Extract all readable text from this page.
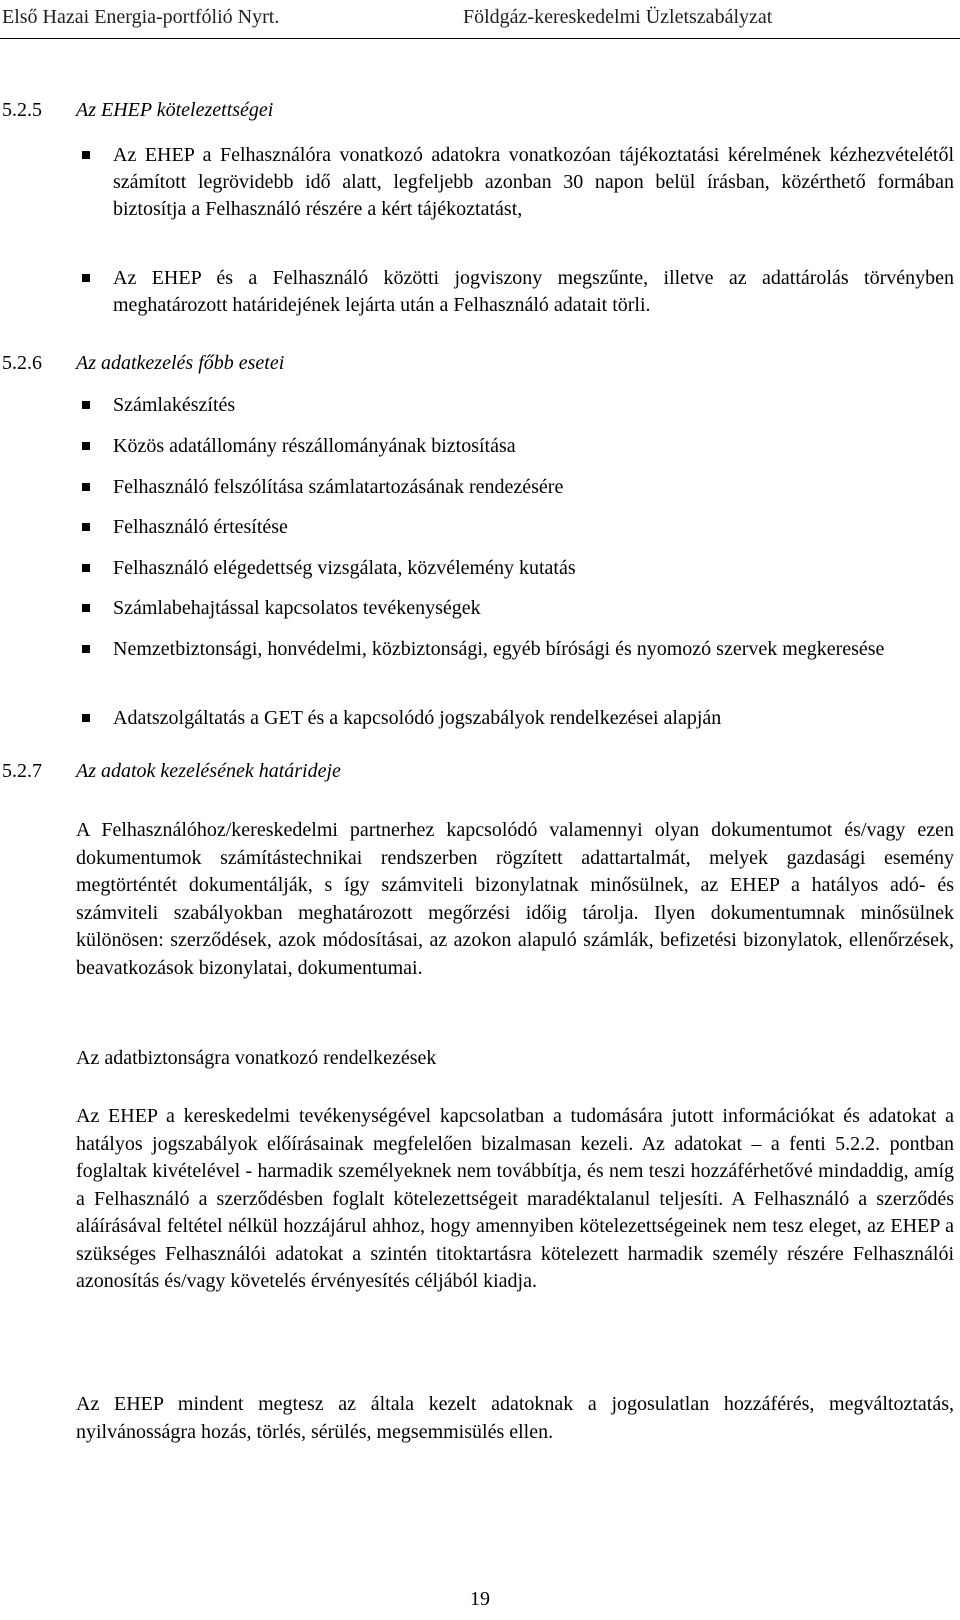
Első Hazai Energia-portfólió Nyrt.	Földgáz-kereskedelmi Üzletszabályzat
5.2.5 Az EHEP kötelezettségei
Az EHEP a Felhasználóra vonatkozó adatokra vonatkozóan tájékoztatási kérelmének kézhezvételétől számított legrövidebb idő alatt, legfeljebb azonban 30 napon belül írásban, közérthető formában biztosítja a Felhasználó részére a kért tájékoztatást,
Az EHEP és a Felhasználó közötti jogviszony megszűnte, illetve az adattárolás törvényben meghatározott határidejének lejárta után a Felhasználó adatait törli.
5.2.6 Az adatkezelés főbb esetei
Számlakészítés
Közös adatállomány részállományának biztosítása
Felhasználó felszólítása számlatartozásának rendezésére
Felhasználó értesítése
Felhasználó elégedettség vizsgálata, közvélemény kutatás
Számlabehajtással kapcsolatos tevékenységek
Nemzetbiztonsági, honvédelmi, közbiztonsági, egyéb bírósági és nyomozó szervek megkeresése
Adatszolgáltatás a GET és a kapcsolódó jogszabályok rendelkezései alapján
5.2.7 Az adatok kezelésének határideje
A Felhasználóhoz/kereskedelmi partnerhez kapcsolódó valamennyi olyan dokumentumot és/vagy ezen dokumentumok számítástechnikai rendszerben rögzített adattartalmát, melyek gazdasági esemény megtörténtét dokumentálják, s így számviteli bizonylatnak minősülnek, az EHEP a hatályos adó- és számviteli szabályokban meghatározott megőrzési időig tárolja. Ilyen dokumentumnak minősülnek különösen: szerződések, azok módosításai, az azokon alapuló számlák, befizetési bizonylatok, ellenőrzések, beavatkozások bizonylatai, dokumentumai.
Az adatbiztonságra vonatkozó rendelkezések
Az EHEP a kereskedelmi tevékenységével kapcsolatban a tudomására jutott információkat és adatokat a hatályos jogszabályok előírásainak megfelelően bizalmasan kezeli. Az adatokat – a fenti 5.2.2. pontban foglaltak kivételével - harmadik személyeknek nem továbbítja, és nem teszi hozzáférhetővé mindaddig, amíg a Felhasználó a szerződésben foglalt kötelezettségeit maradéktalanul teljesíti. A Felhasználó a szerződés aláírásával feltétel nélkül hozzájárul ahhoz, hogy amennyiben kötelezettségeinek nem tesz eleget, az EHEP a szükséges Felhasználói adatokat a szintén titoktartásra kötelezett harmadik személy részére Felhasználói azonosítás és/vagy követelés érvényesítés céljából kiadja.
Az EHEP mindent megtesz az általa kezelt adatoknak a jogosulatlan hozzáférés, megváltoztatás, nyilvánosságra hozás, törlés, sérülés, megsemmisülés ellen.
19
